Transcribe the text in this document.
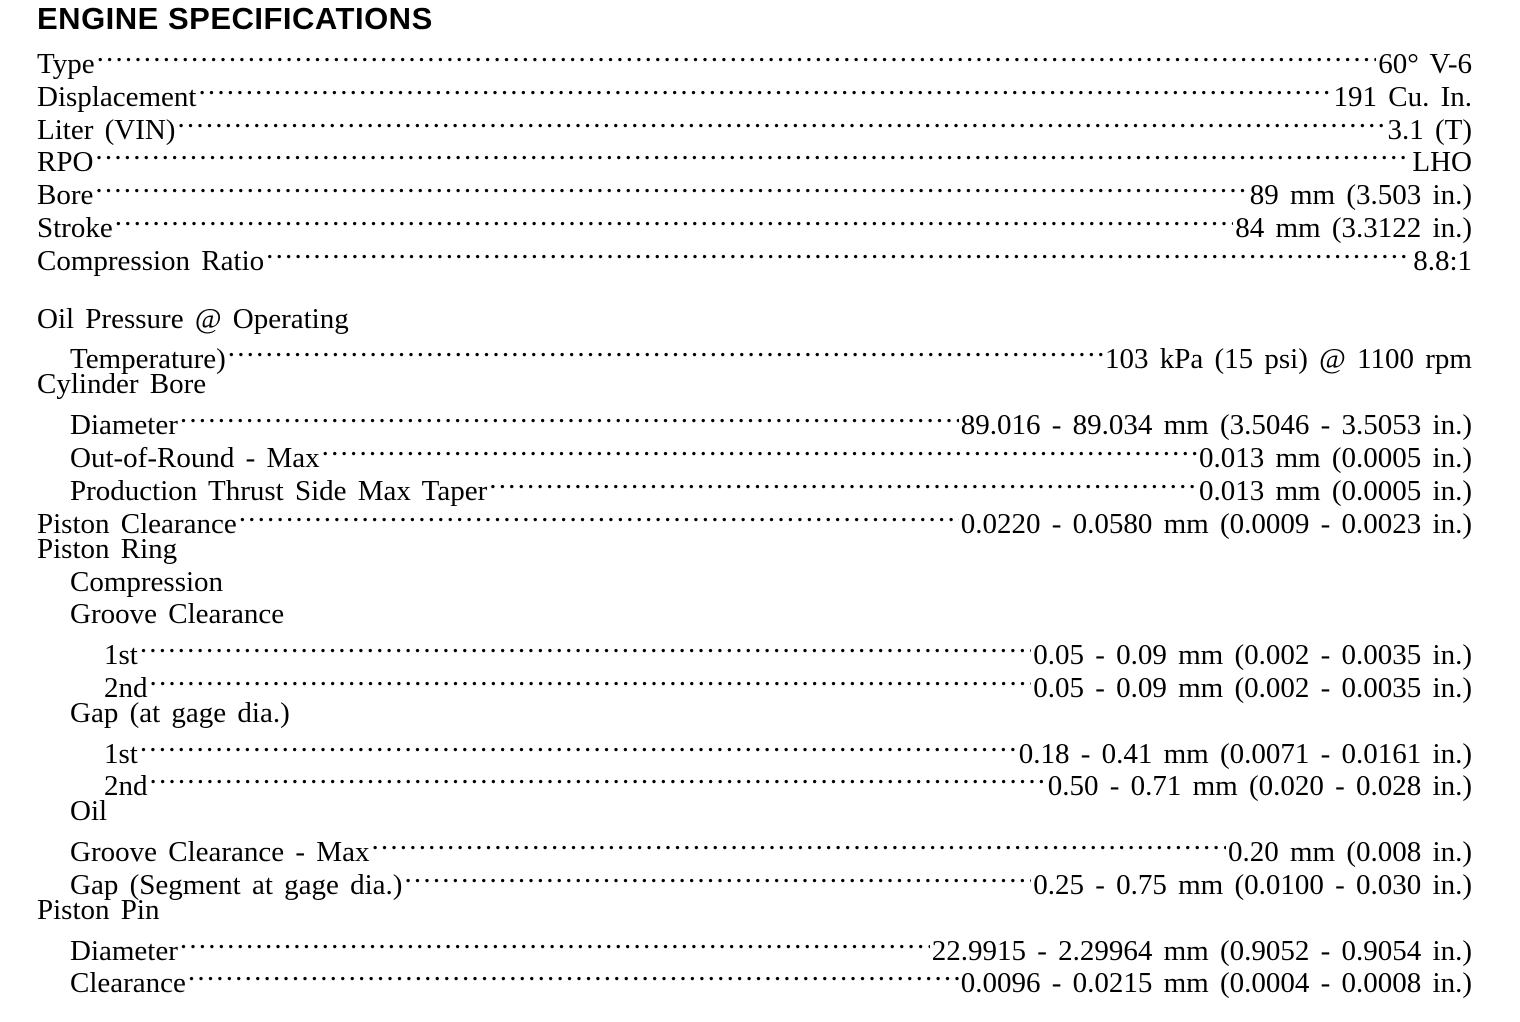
ENGINE SPECIFICATIONS
Type .....	60° V-6
Displacement .....	191 Cu. In.
Liter (VIN) .....	3.1 (T)
RPO .....	LHO
Bore .....	89 mm (3.503 in.)
Stroke .....	84 mm (3.3122 in.)
Compression Ratio .....	8.8:1
Oil Pressure @ Operating
Temperature) .....	103 kPa (15 psi) @ 1100 rpm
Cylinder Bore
Diameter .....	89.016 - 89.034 mm (3.5046 - 3.5053 in.)
Out-of-Round - Max .....	0.013 mm (0.0005 in.)
Production Thrust Side Max Taper .....	0.013 mm (0.0005 in.)
Piston Clearance .....	0.0220 - 0.0580 mm (0.0009 - 0.0023 in.)
Piston Ring
Compression
Groove Clearance
1st .....	0.05 - 0.09 mm (0.002 - 0.0035 in.)
2nd .....	0.05 - 0.09 mm (0.002 - 0.0035 in.)
Gap (at gage dia.)
1st .....	0.18 - 0.41 mm (0.0071 - 0.0161 in.)
2nd .....	0.50 - 0.71 mm (0.020 - 0.028 in.)
Oil
Groove Clearance - Max .....	0.20 mm (0.008 in.)
Gap (Segment at gage dia.) .....	0.25 - 0.75 mm (0.0100 - 0.030 in.)
Piston Pin
Diameter .....	22.9915 - 2.29964 mm (0.9052 - 0.9054 in.)
Clearance .....	0.0096 - 0.0215 mm (0.0004 - 0.0008 in.)
